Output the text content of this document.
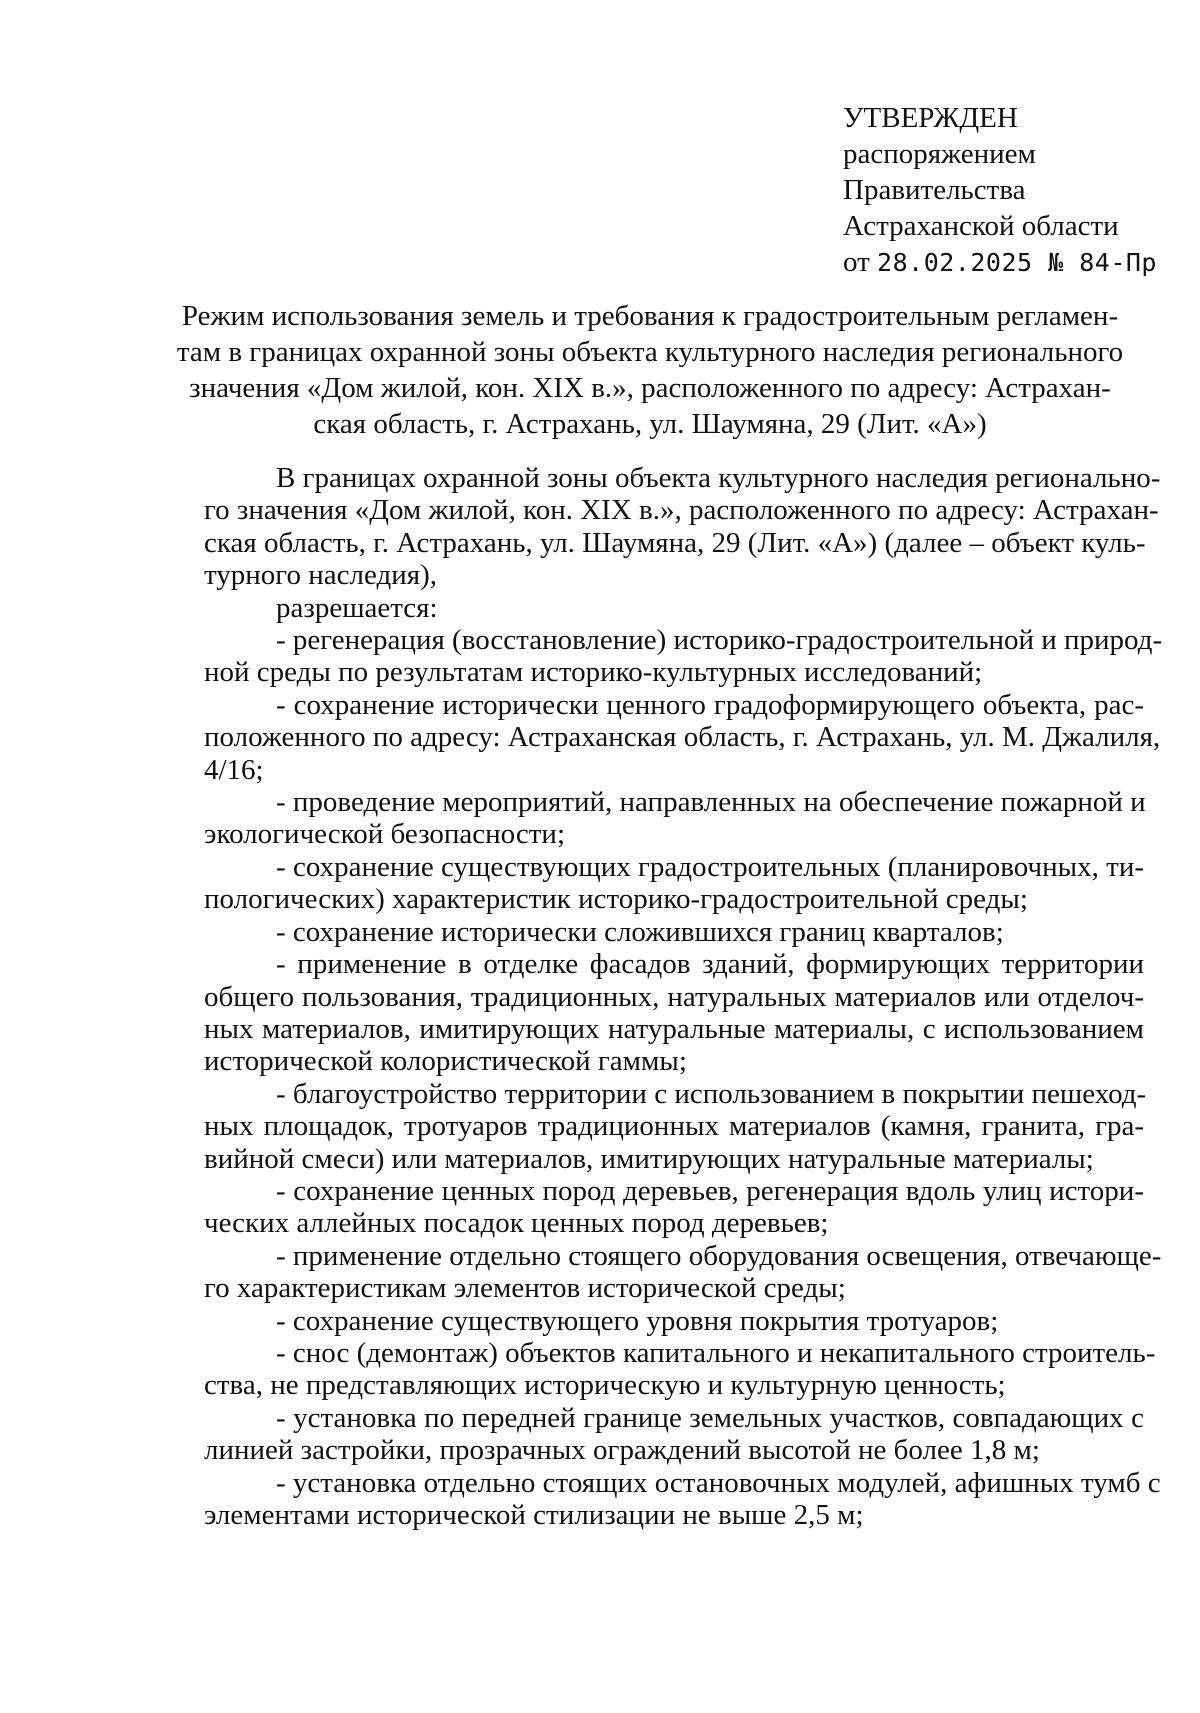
УТВЕРЖДЕН
распоряжением
Правительства
Астраханской области
от 28.02.2025 № 84-Пр
Режим использования земель и требования к градостроительным регламен-
там в границах охранной зоны объекта культурного наследия регионального
значения «Дом жилой, кон. XIX в.», расположенного по адресу: Астрахан-
ская область, г. Астрахань, ул. Шаумяна, 29 (Лит. «А»)
В границах охранной зоны объекта культурного наследия регионально-
го значения «Дом жилой, кон. XIX в.», расположенного по адресу: Астрахан-
ская область, г. Астрахань, ул. Шаумяна, 29 (Лит. «А») (далее – объект куль-
турного наследия),
разрешается:
- регенерация (восстановление) историко-градостроительной и природ-
ной среды по результатам историко-культурных исследований;
- сохранение исторически ценного градоформирующего объекта, рас-
положенного по адресу: Астраханская область, г. Астрахань, ул. М. Джалиля,
4/16;
- проведение мероприятий, направленных на обеспечение пожарной и
экологической безопасности;
- сохранение существующих градостроительных (планировочных, ти-
пологических) характеристик историко-градостроительной среды;
- сохранение исторически сложившихся границ кварталов;
- применение в отделке фасадов зданий, формирующих территории
общего пользования, традиционных, натуральных материалов или отделоч-
ных материалов, имитирующих натуральные материалы, с использованием
исторической колористической гаммы;
- благоустройство территории с использованием в покрытии пешеход-
ных площадок, тротуаров традиционных материалов (камня, гранита, гра-
вийной смеси) или материалов, имитирующих натуральные материалы;
- сохранение ценных пород деревьев, регенерация вдоль улиц истори-
ческих аллейных посадок ценных пород деревьев;
- применение отдельно стоящего оборудования освещения, отвечающе-
го характеристикам элементов исторической среды;
- сохранение существующего уровня покрытия тротуаров;
- снос (демонтаж) объектов капитального и некапитального строитель-
ства, не представляющих историческую и культурную ценность;
- установка по передней границе земельных участков, совпадающих с
линией застройки, прозрачных ограждений высотой не более 1,8 м;
- установка отдельно стоящих остановочных модулей, афишных тумб с
элементами исторической стилизации не выше 2,5 м;
